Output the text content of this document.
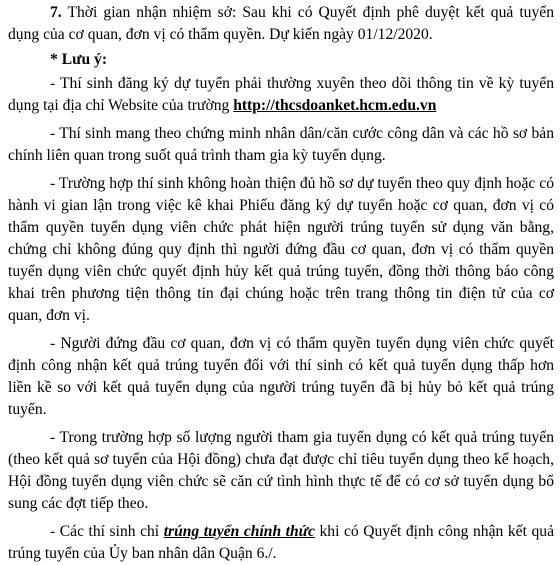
7. Thời gian nhận nhiệm sở: Sau khi có Quyết định phê duyệt kết quả tuyển dụng của cơ quan, đơn vị có thẩm quyền. Dự kiến ngày 01/12/2020.

* Lưu ý:

- Thí sinh đăng ký dự tuyển phải thường xuyên theo dõi thông tin về kỳ tuyển dụng tại địa chỉ Website của trường http://thcsdoanket.hcm.edu.vn

- Thí sinh mang theo chứng minh nhân dân/căn cước công dân và các hồ sơ bản chính liên quan trong suốt quá trình tham gia kỳ tuyển dụng.

- Trường hợp thí sinh không hoàn thiện đủ hồ sơ dự tuyển theo quy định hoặc có hành vi gian lận trong việc kê khai Phiếu đăng ký dự tuyển hoặc cơ quan, đơn vị có thẩm quyền tuyển dụng viên chức phát hiện người trúng tuyển sử dụng văn bằng, chứng chỉ không đúng quy định thì người đứng đầu cơ quan, đơn vị có thẩm quyền tuyển dụng viên chức quyết định hủy kết quả trúng tuyển, đồng thời thông báo công khai trên phương tiện thông tin đại chúng hoặc trên trang thông tin điện tử của cơ quan, đơn vị.

- Người đứng đầu cơ quan, đơn vị có thẩm quyền tuyển dụng viên chức quyết định công nhận kết quả trúng tuyển đối với thí sinh có kết quả tuyển dụng thấp hơn liền kề so với kết quả tuyển dụng của người trúng tuyển đã bị hủy bỏ kết quả trúng tuyển.

- Trong trường hợp số lượng người tham gia tuyển dụng có kết quả trúng tuyển (theo kết quả sơ tuyển của Hội đồng) chưa đạt được chỉ tiêu tuyển dụng theo kế hoạch, Hội đồng tuyển dụng viên chức sẽ căn cứ tình hình thực tế để có cơ sở tuyển dụng bổ sung các đợt tiếp theo.

- Các thí sinh chỉ trúng tuyển chính thức khi có Quyết định công nhận kết quả trúng tuyển của Ủy ban nhân dân Quận 6./.
